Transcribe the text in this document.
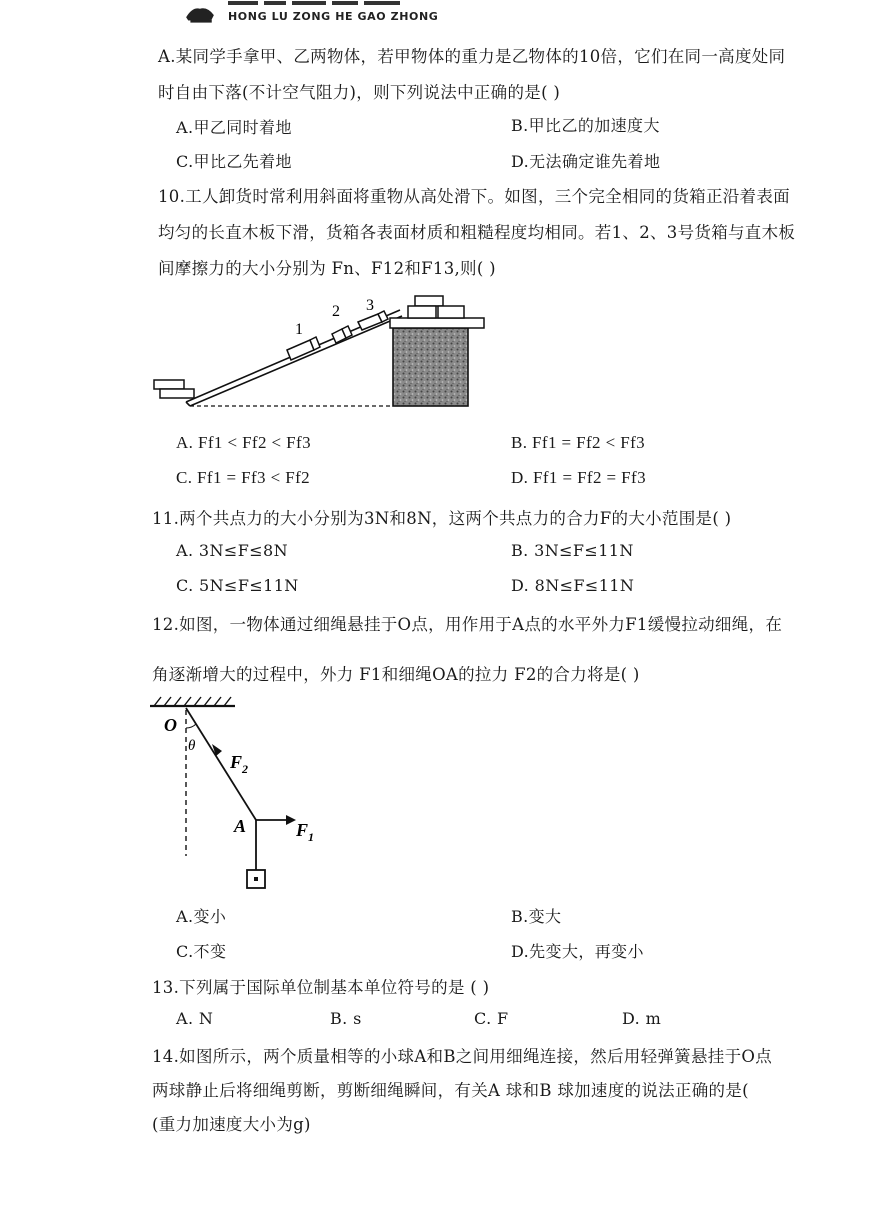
HONG LU ZONG HE GAO ZHONG
A.某同学手拿甲、乙两物体，若甲物体的重力是乙物体的10倍，它们在同一高度处同
时自由下落(不计空气阻力)，则下列说法中正确的是( )
A.甲乙同时着地	B.甲比乙的加速度大
C.甲比乙先着地	D.无法确定谁先着地
10.工人卸货时常利用斜面将重物从高处滑下。如图，三个完全相同的货箱正沿着表面
均匀的长直木板下滑，货箱各表面材质和粗糙程度均相同。若1、2、3号货箱与直木板
间摩擦力的大小分别为 Fn、F12和F13,则( )
1
2 3
A. Ff1 < Ff2 < Ff3	B. Ff1 = Ff2 < Ff3
C. Ff1 = Ff3 < Ff2	D. Ff1 = Ff2 = Ff3
11.两个共点力的大小分别为3N和8N，这两个共点力的合力F的大小范围是( )
A. 3N≤F≤8N	B. 3N≤F≤11N
C. 5N≤F≤11N	D. 8N≤F≤11N
12.如图，一物体通过细绳悬挂于O点，用作用于A点的水平外力F1缓慢拉动细绳，在
角逐渐增大的过程中，外力 F1和细绳OA的拉力 F2的合力将是( )
O
θ
$F_2$
A	$F_1$
A.变小	B.变大
C.不变	D.先变大，再变小
13.下列属于国际单位制基本单位符号的是 ( )
A. N	B. s	C. F	D. m
14.如图所示，两个质量相等的小球A和B之间用细绳连接，然后用轻弹簧悬挂于O点
两球静止后将细绳剪断，剪断细绳瞬间，有关A 球和B 球加速度的说法正确的是(
(重力加速度大小为g)
